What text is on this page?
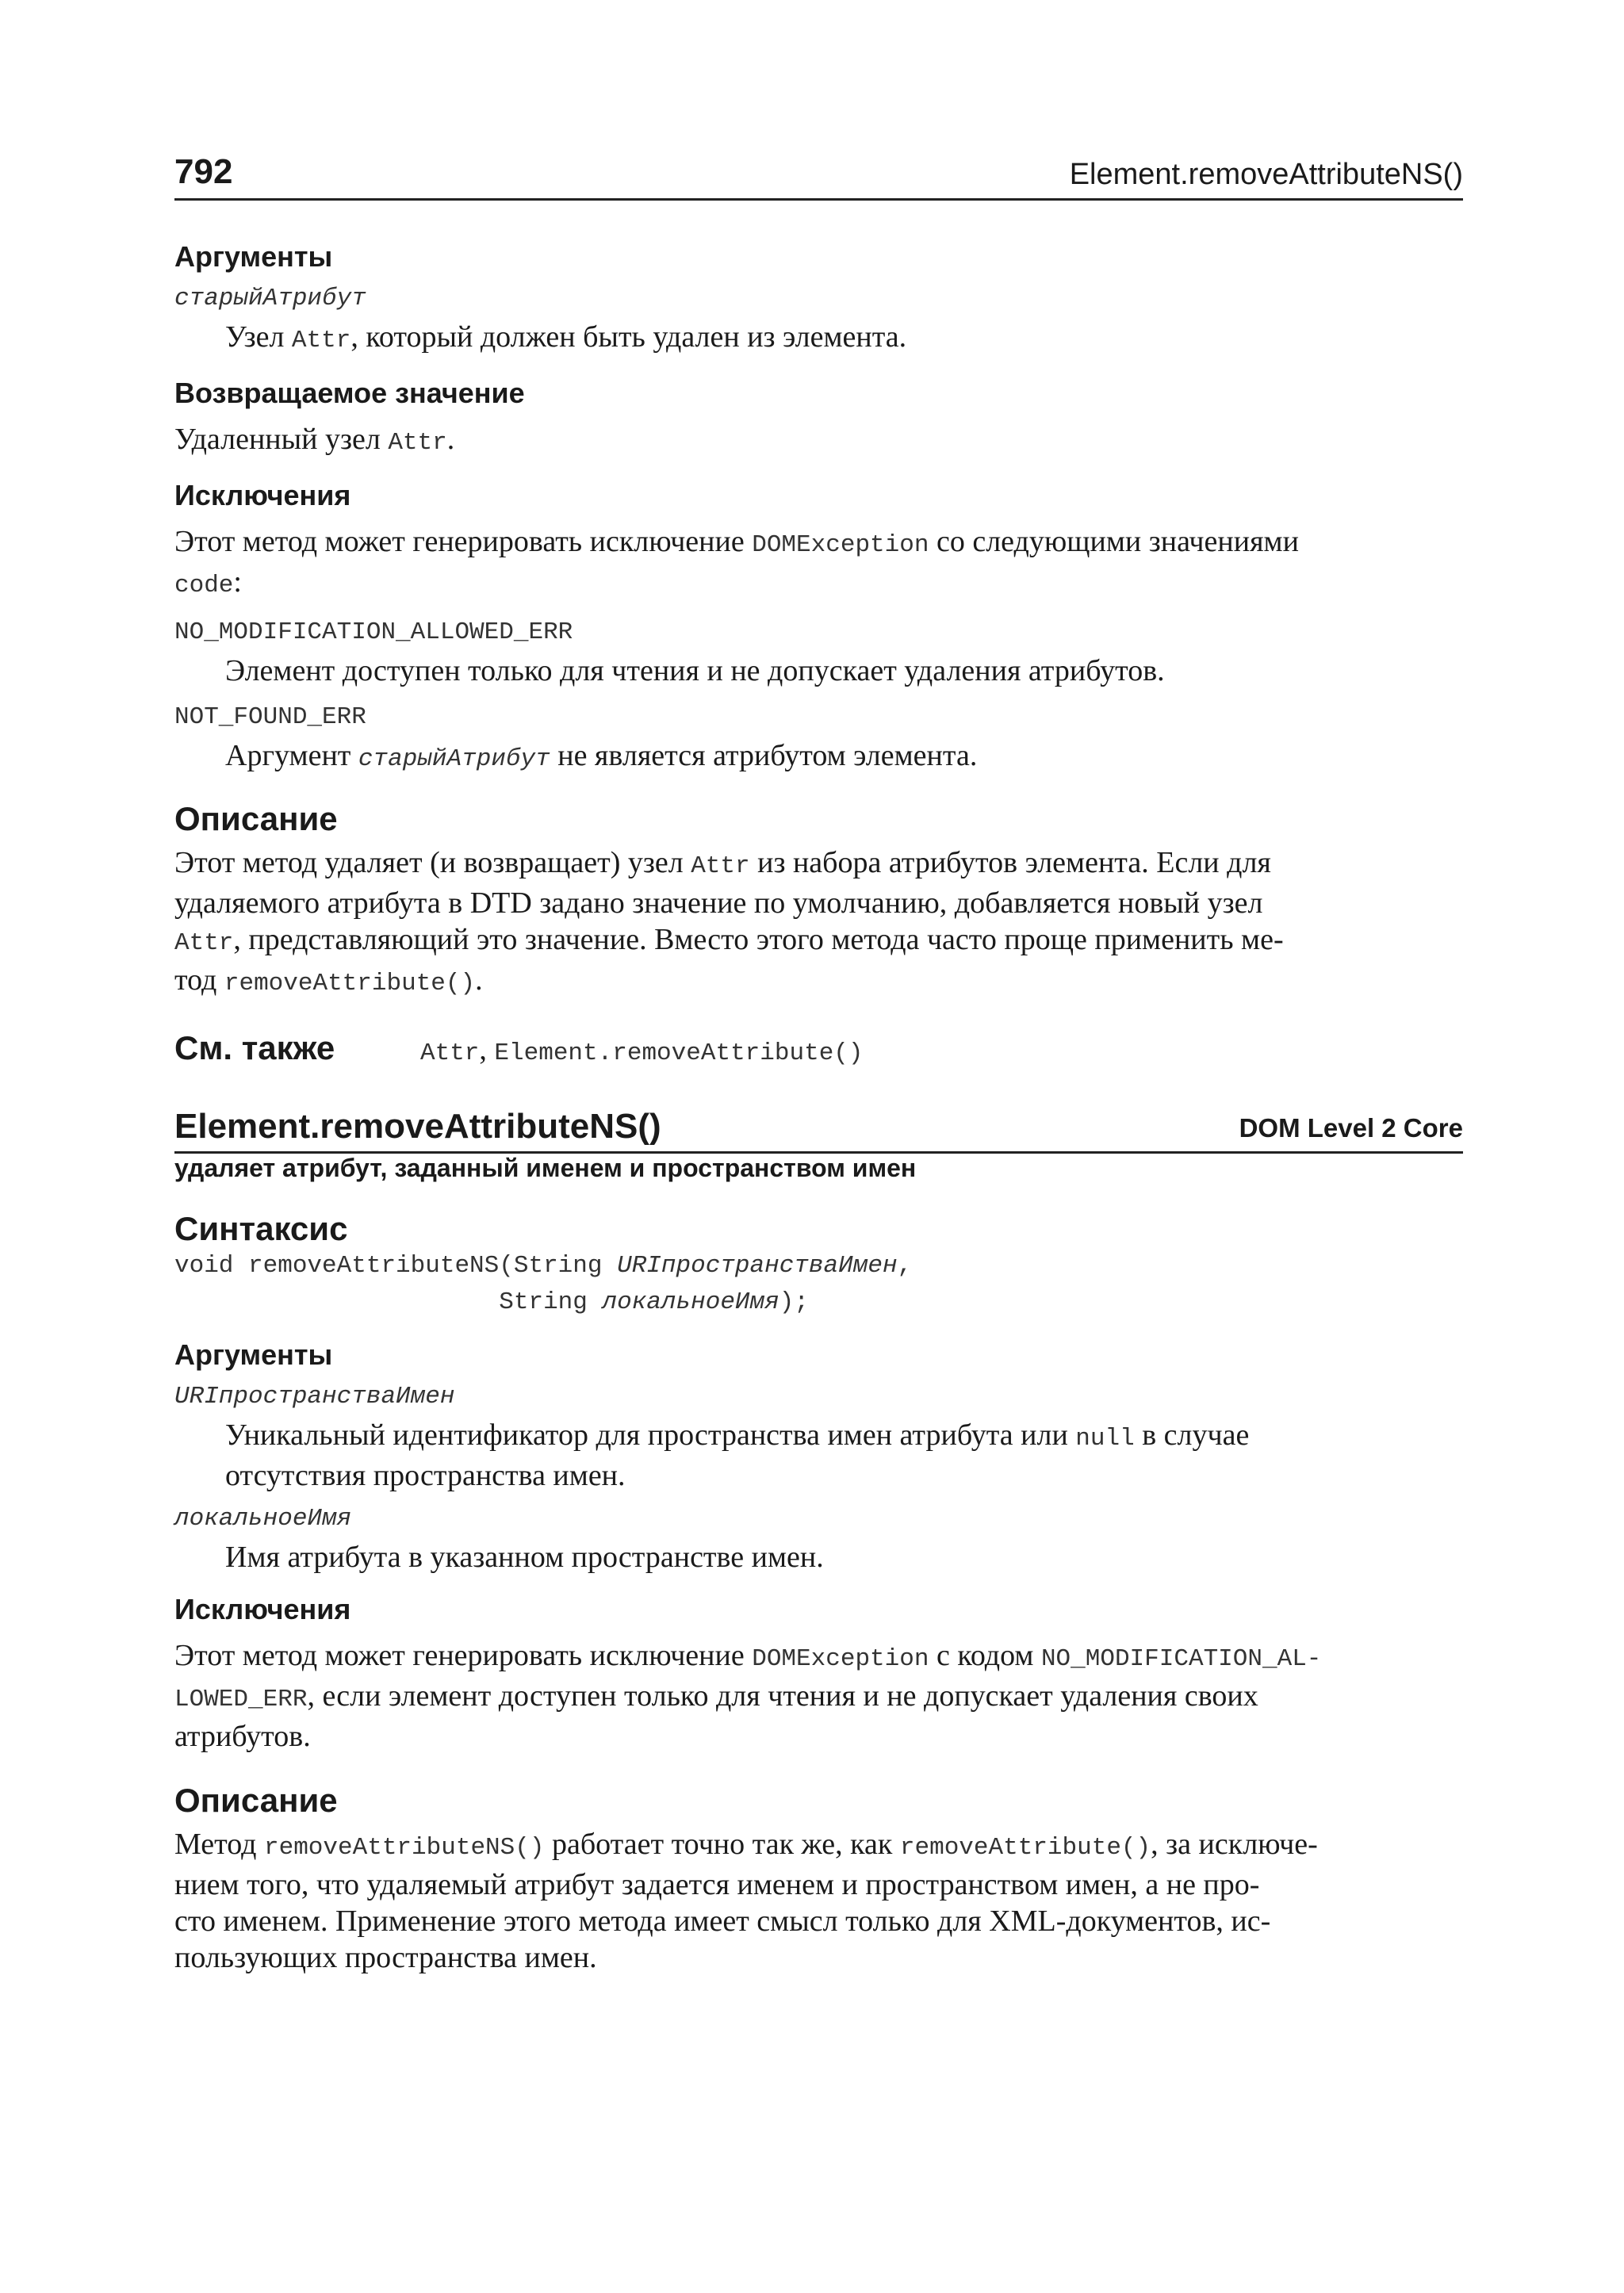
792	Element.removeAttributeNS()

Аргументы

старыйАтрибут

Узел Attr, который должен быть удален из элемента.

Возвращаемое значение

Удаленный узел Attr.

Исключения

Этот метод может генерировать исключение DOMException со следующими значениями
code:

NO_MODIFICATION_ALLOWED_ERR

Элемент доступен только для чтения и не допускает удаления атрибутов.

NOT_FOUND_ERR

Аргумент старыйАтрибут не является атрибутом элемента.

Описание

Этот метод удаляет (и возвращает) узел Attr из набора атрибутов элемента. Если для
удаляемого атрибута в DTD задано значение по умолчанию, добавляется новый узел
Attr, представляющий это значение. Вместо этого метода часто проще применить ме-
тод removeAttribute().

См. также	Attr, Element.removeAttribute()
Element.removeAttributeNS()	DOM Level 2 Core

удаляет атрибут, заданный именем и пространством имен

Синтаксис

void removeAttributeNS(String URIпространстваИмен,

String локальноеИмя);

Аргументы

URIпространстваИмен

Уникальный идентификатор для пространства имен атрибута или null в случае
отсутствия пространства имен.

локальноеИмя

Имя атрибута в указанном пространстве имен.

Исключения

Этот метод может генерировать исключение DOMException с кодом NO_MODIFICATION_AL-
LOWED_ERR, если элемент доступен только для чтения и не допускает удаления своих
атрибутов.

Описание

Метод removeAttributeNS() работает точно так же, как removeAttribute(), за исключе-
нием того, что удаляемый атрибут задается именем и пространством имен, а не про-
сто именем. Применение этого метода имеет смысл только для XML-документов, ис-
пользующих пространства имен.
